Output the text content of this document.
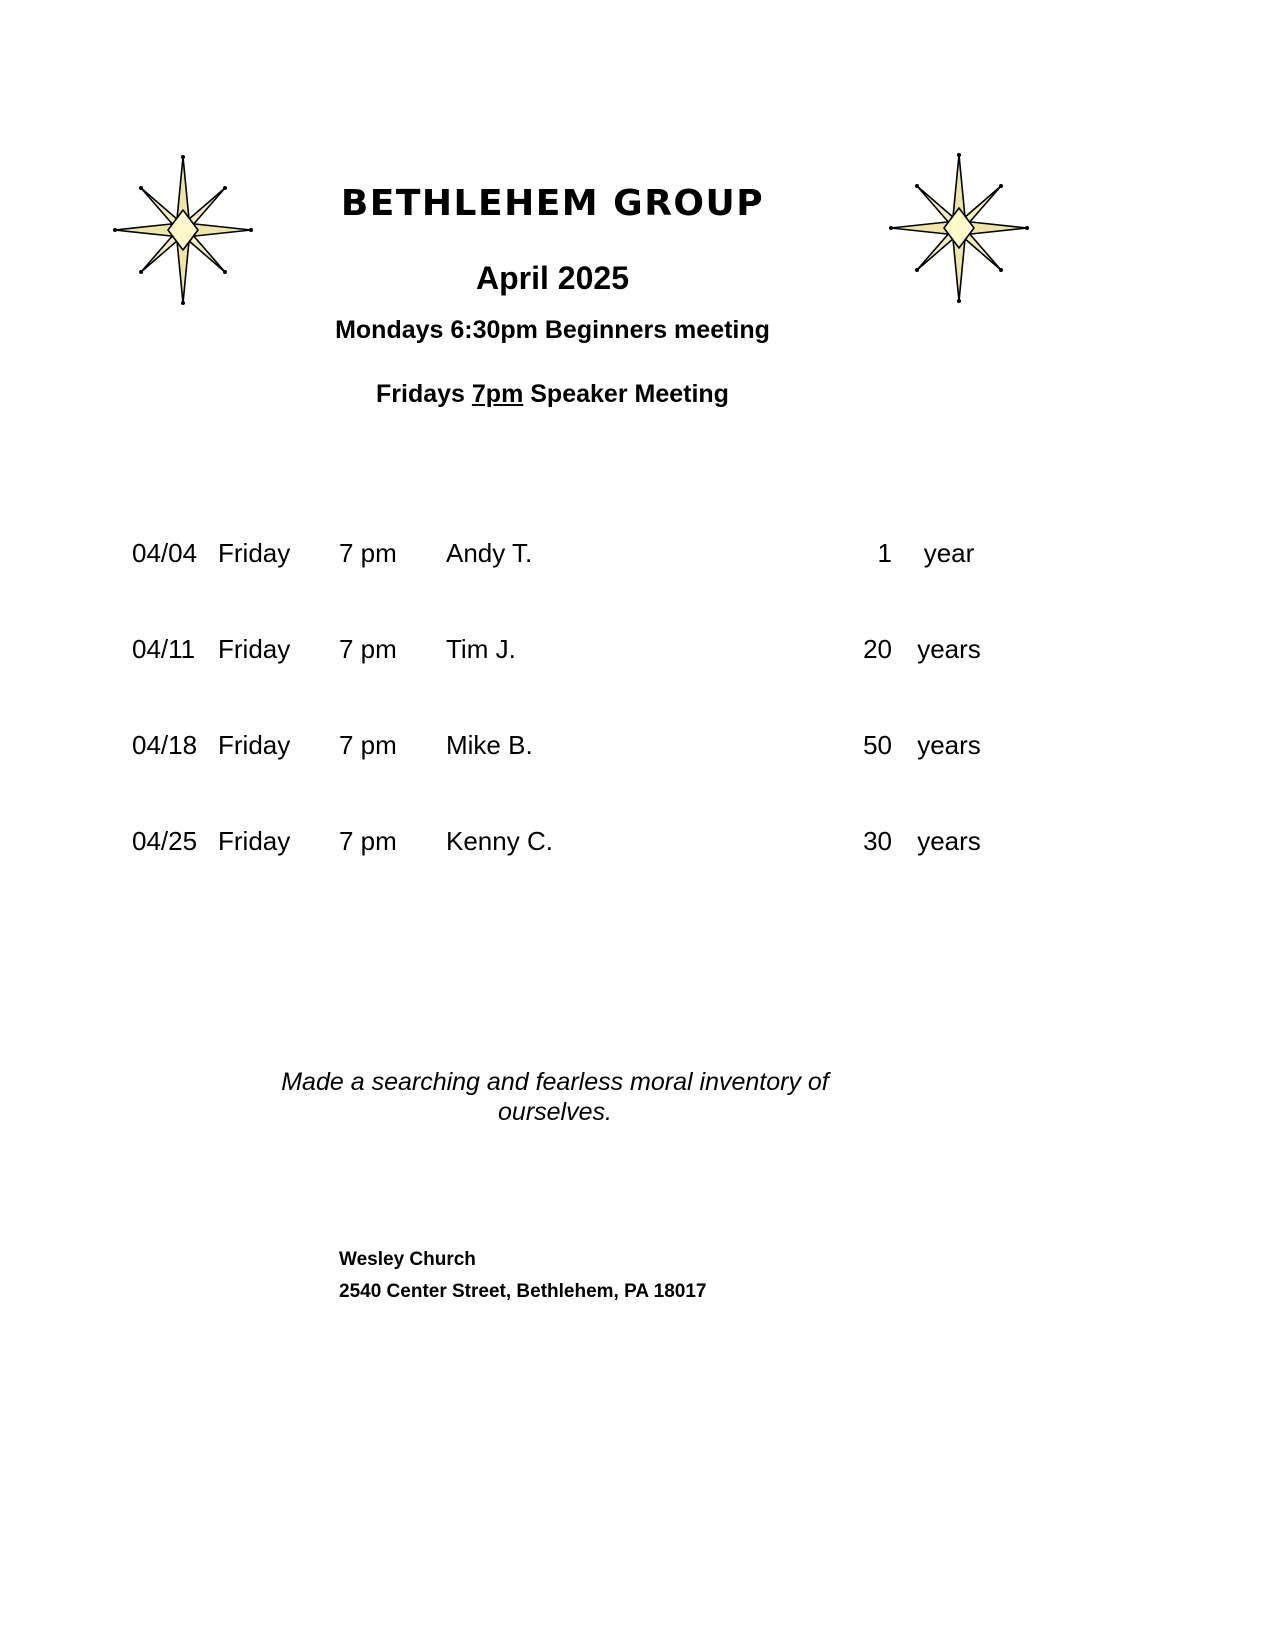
BETHLEHEM GROUP
April 2025

Mondays 6:30pm Beginners meeting

Fridays 7pm Speaker Meeting

04/04 Friday 7 pm Andy T.	1	year
04/11 Friday 7 pm Tim J.	20 years
04/18 Friday 7 pm Mike B.	50 years
04/25 Friday 7 pm Kenny C.	30 years

Made a searching and fearless moral inventory of
ourselves.

Wesley Church

2540 Center Street, Bethlehem, PA 18017
